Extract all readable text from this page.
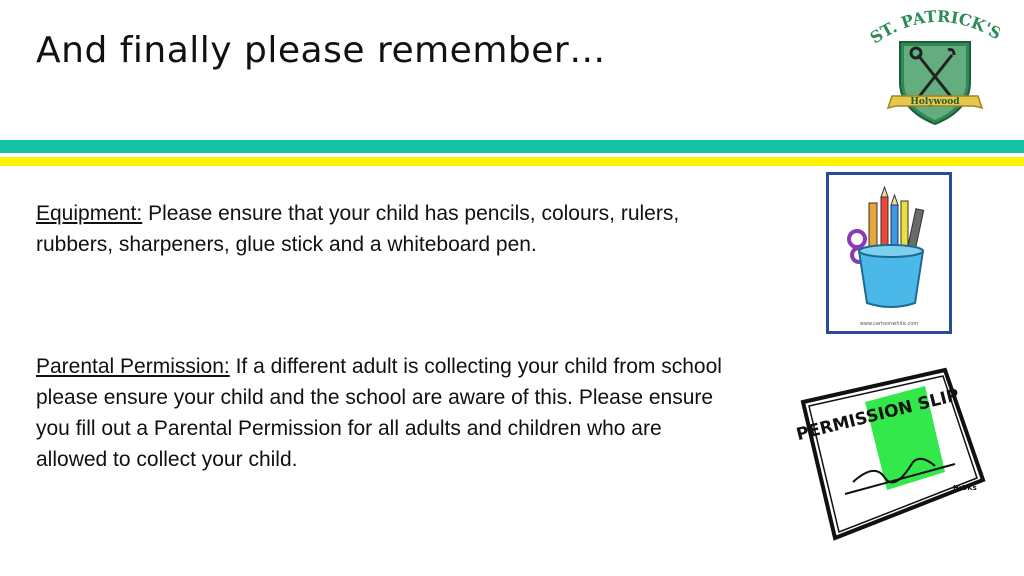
And finally please remember…
Holywood
T. PATRICK'
Equipment: Please ensure that your child has pencils, colours, rulers, rubbers, sharpeners, glue stick and a whiteboard pen.
Parental Permission: If a different adult is collecting your child from school please ensure your child and the school are aware of this. Please ensure you fill out a Parental Permission for all adults and children who are allowed to collect your child.
www.cartoonwhite.com
PERMISSION SLIP
HiOKs
